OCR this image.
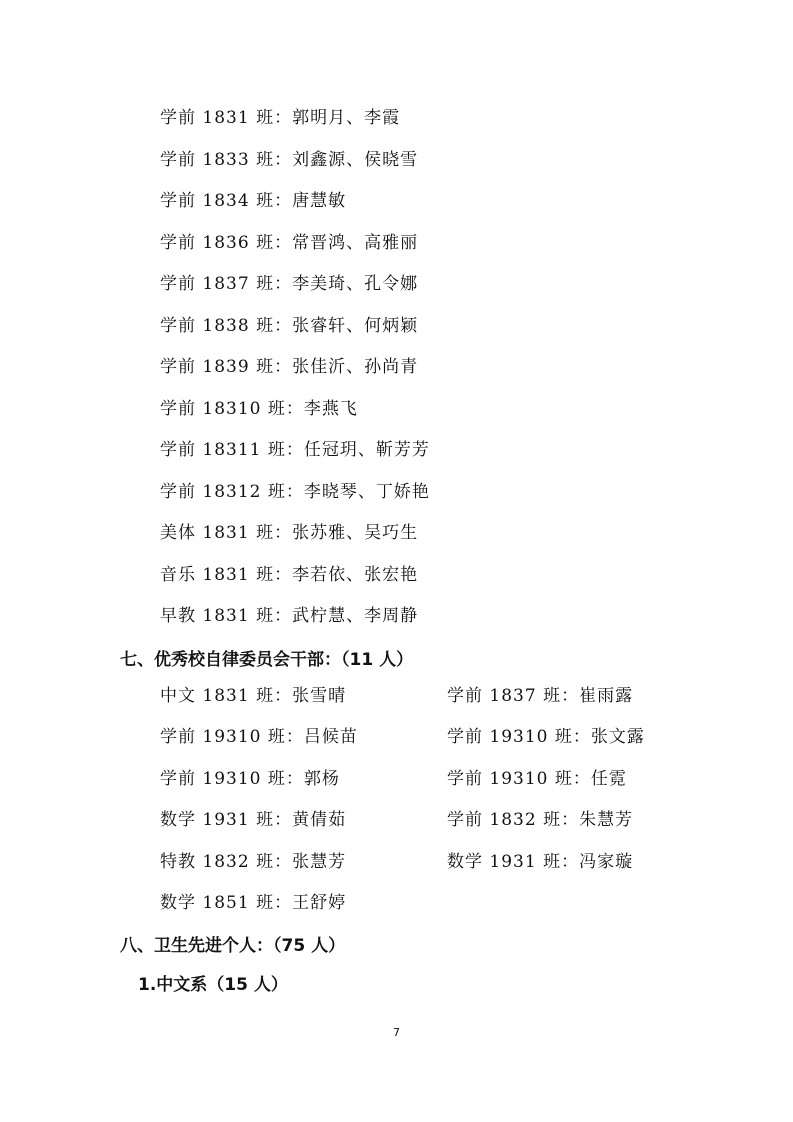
学前 1831 班：郭明月、李霞
学前 1833 班：刘鑫源、侯晓雪
学前 1834 班：唐慧敏
学前 1836 班：常晋鸿、高雅丽
学前 1837 班：李美琦、孔令娜
学前 1838 班：张睿轩、何炳颖
学前 1839 班：张佳沂、孙尚青
学前 18310 班：李燕飞
学前 18311 班：任冠玥、靳芳芳
学前 18312 班：李晓琴、丁娇艳
美体 1831 班：张苏雅、吴巧生
音乐 1831 班：李若依、张宏艳
早教 1831 班：武柠慧、李周静
七、优秀校自律委员会干部：（11 人）
中文 1831 班：张雪晴	学前 1837 班：崔雨露
学前 19310 班：吕候苗	学前 19310 班：张文露
学前 19310 班：郭杨	学前 19310 班：任霓
数学 1931 班：黄倩茹	学前 1832 班：朱慧芳
特教 1832 班：张慧芳	数学 1931 班：冯家璇
数学 1851 班：王舒婷
八、卫生先进个人：（75 人）
1.中文系（15 人）
7
